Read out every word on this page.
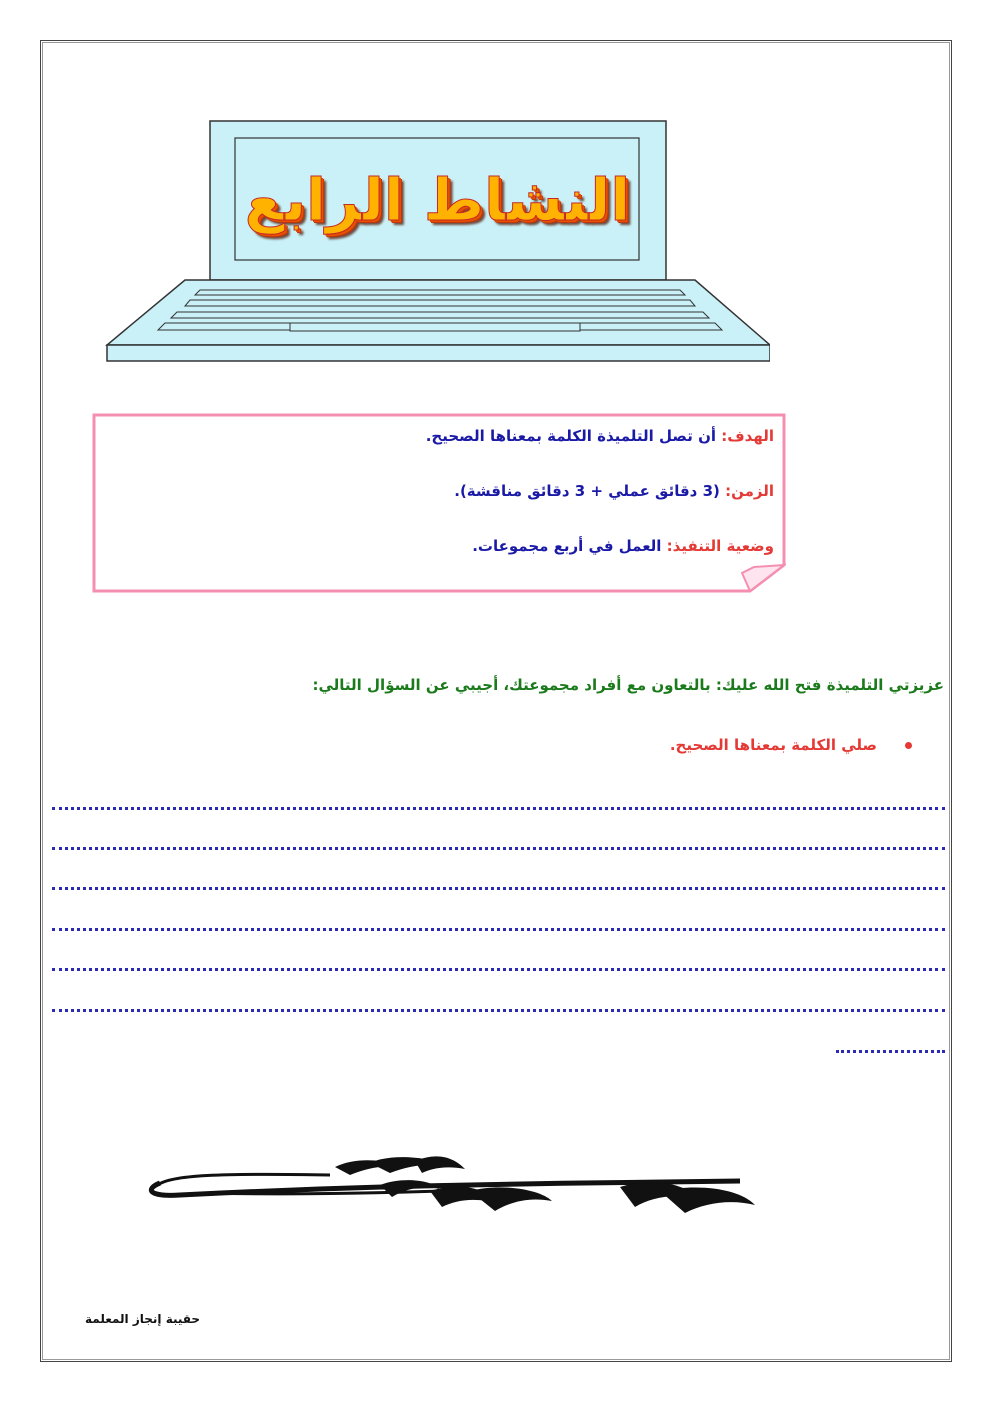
النشاط الرابع
الهدف: أن تصل التلميذة الكلمة بمعناها الصحيح.
الزمن: (3 دقائق عملي + 3 دقائق مناقشة).
وضعية التنفيذ: العمل في أربع مجموعات.
عزيزتي التلميذة فتح الله عليك: بالتعاون مع أفراد مجموعتك، أجيبي عن السؤال التالي:
صلي الكلمة بمعناها الصحيح.
حقيبة إنجاز المعلمة
